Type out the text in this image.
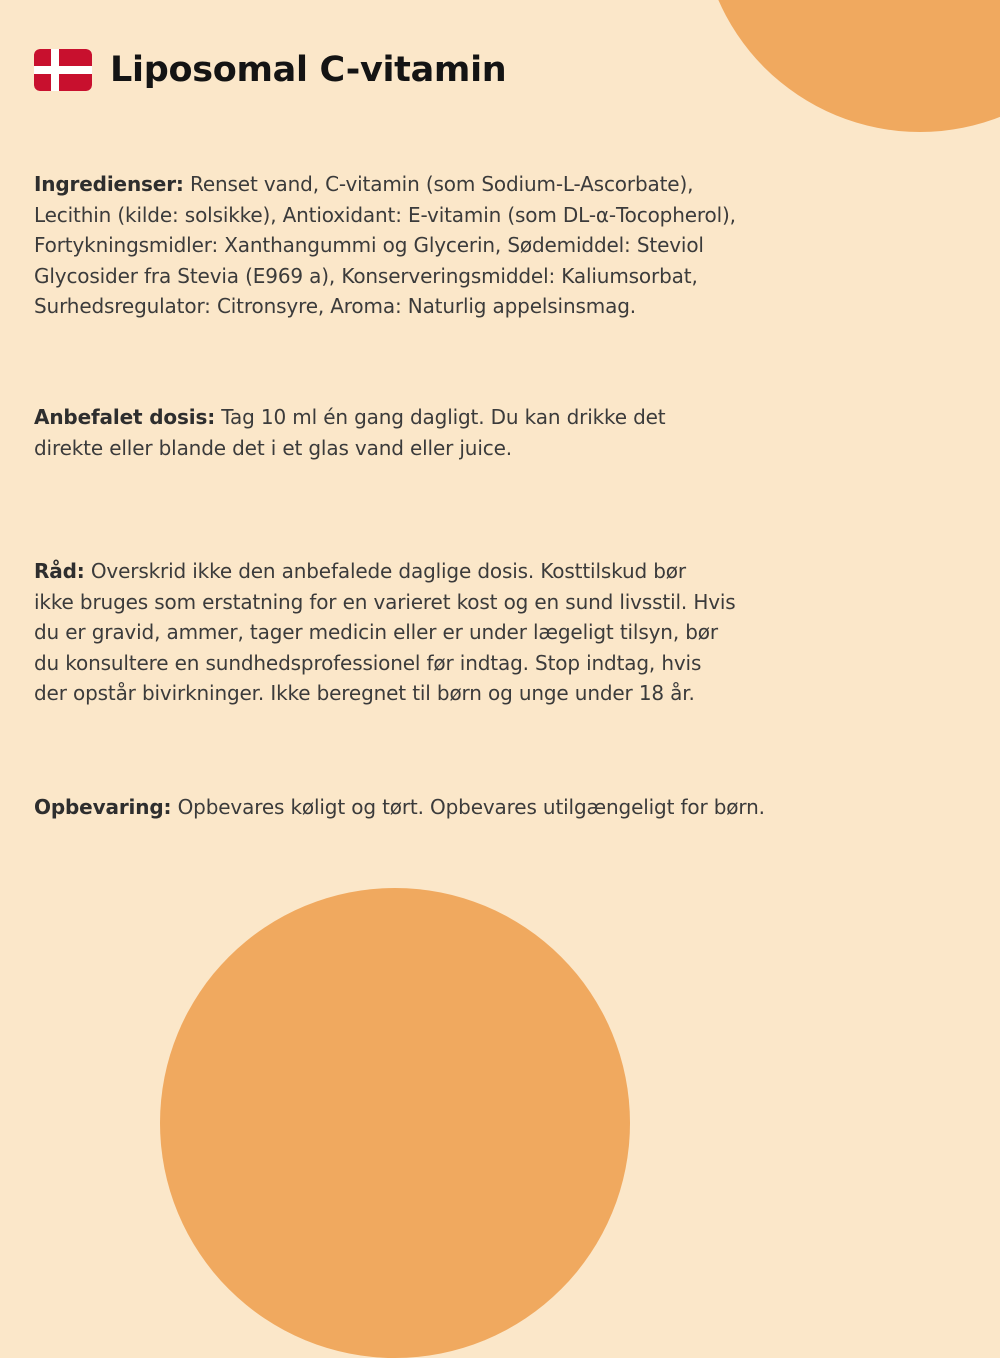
Liposomal C-vitamin
Ingredienser: Renset vand, C-vitamin (som Sodium-L-Ascorbate),
Lecithin (kilde: solsikke), Antioxidant: E-vitamin (som DL-α-Tocopherol),
Fortykningsmidler: Xanthangummi og Glycerin, Sødemiddel: Steviol
Glycosider fra Stevia (E969 a), Konserveringsmiddel: Kaliumsorbat,
Surhedsregulator: Citronsyre, Aroma: Naturlig appelsinsmag.
Anbefalet dosis: Tag 10 ml én gang dagligt. Du kan drikke det
direkte eller blande det i et glas vand eller juice.
Råd: Overskrid ikke den anbefalede daglige dosis. Kosttilskud bør
ikke bruges som erstatning for en varieret kost og en sund livsstil. Hvis
du er gravid, ammer, tager medicin eller er under lægeligt tilsyn, bør
du konsultere en sundhedsprofessionel før indtag. Stop indtag, hvis
der opstår bivirkninger. Ikke beregnet til børn og unge under 18 år.
Opbevaring: Opbevares køligt og tørt. Opbevares utilgængeligt for børn.
